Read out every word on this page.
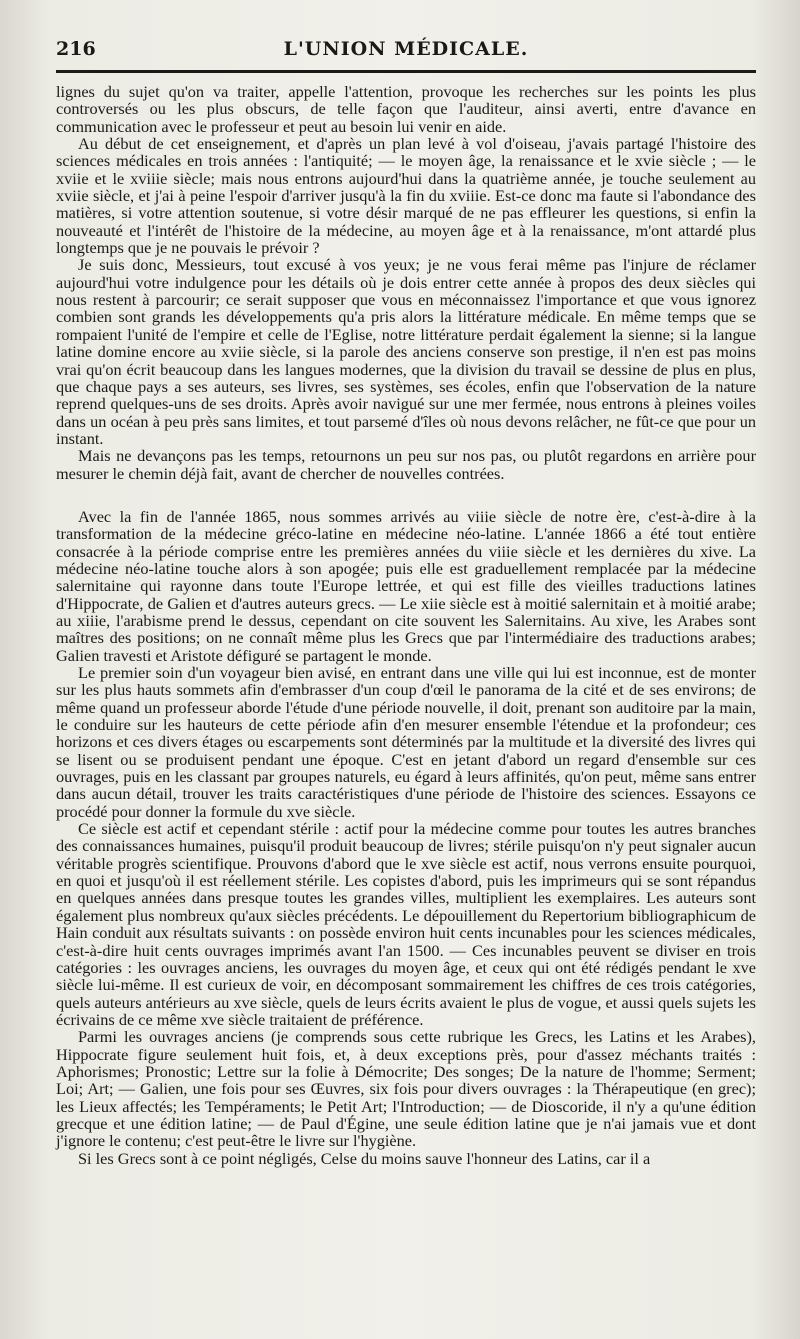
216	L'UNION MÉDICALE.

lignes du sujet qu'on va traiter, appelle l'attention, provoque les recherches sur les points les plus controversés ou les plus obscurs, de telle façon que l'auditeur, ainsi averti, entre d'avance en communication avec le professeur et peut au besoin lui venir en aide.

Au début de cet enseignement, et d'après un plan levé à vol d'oiseau, j'avais partagé l'histoire des sciences médicales en trois années : l'antiquité; — le moyen âge, la renaissance et le xvie siècle ; — le xviie et le xviiie siècle; mais nous entrons aujourd'hui dans la quatrième année, je touche seulement au xviie siècle, et j'ai à peine l'espoir d'arriver jusqu'à la fin du xviiie. Est-ce donc ma faute si l'abondance des matières, si votre attention soutenue, si votre désir marqué de ne pas effleurer les questions, si enfin la nouveauté et l'intérêt de l'histoire de la médecine, au moyen âge et à la renaissance, m'ont attardé plus longtemps que je ne pouvais le prévoir ?

Je suis donc, Messieurs, tout excusé à vos yeux; je ne vous ferai même pas l'injure de réclamer aujourd'hui votre indulgence pour les détails où je dois entrer cette année à propos des deux siècles qui nous restent à parcourir; ce serait supposer que vous en méconnaissez l'importance et que vous ignorez combien sont grands les développements qu'a pris alors la littérature médicale. En même temps que se rompaient l'unité de l'empire et celle de l'Eglise, notre littérature perdait également la sienne; si la langue latine domine encore au xviie siècle, si la parole des anciens conserve son prestige, il n'en est pas moins vrai qu'on écrit beaucoup dans les langues modernes, que la division du travail se dessine de plus en plus, que chaque pays a ses auteurs, ses livres, ses systèmes, ses écoles, enfin que l'observation de la nature reprend quelques-uns de ses droits. Après avoir navigué sur une mer fermée, nous entrons à pleines voiles dans un océan à peu près sans limites, et tout parsemé d'îles où nous devons relâcher, ne fût-ce que pour un instant.

Mais ne devançons pas les temps, retournons un peu sur nos pas, ou plutôt regardons en arrière pour mesurer le chemin déjà fait, avant de chercher de nouvelles contrées.

Avec la fin de l'année 1865, nous sommes arrivés au viiie siècle de notre ère, c'est-à-dire à la transformation de la médecine gréco-latine en médecine néo-latine. L'année 1866 a été tout entière consacrée à la période comprise entre les premières années du viiie siècle et les dernières du xive. La médecine néo-latine touche alors à son apogée; puis elle est graduellement remplacée par la médecine salernitaine qui rayonne dans toute l'Europe lettrée, et qui est fille des vieilles traductions latines d'Hippocrate, de Galien et d'autres auteurs grecs. — Le xiie siècle est à moitié salernitain et à moitié arabe; au xiiie, l'arabisme prend le dessus, cependant on cite souvent les Salernitains. Au xive, les Arabes sont maîtres des positions; on ne connaît même plus les Grecs que par l'intermédiaire des traductions arabes; Galien travesti et Aristote défiguré se partagent le monde.

Le premier soin d'un voyageur bien avisé, en entrant dans une ville qui lui est inconnue, est de monter sur les plus hauts sommets afin d'embrasser d'un coup d'œil le panorama de la cité et de ses environs; de même quand un professeur aborde l'étude d'une période nouvelle, il doit, prenant son auditoire par la main, le conduire sur les hauteurs de cette période afin d'en mesurer ensemble l'étendue et la profondeur; ces horizons et ces divers étages ou escarpements sont déterminés par la multitude et la diversité des livres qui se lisent ou se produisent pendant une époque. C'est en jetant d'abord un regard d'ensemble sur ces ouvrages, puis en les classant par groupes naturels, eu égard à leurs affinités, qu'on peut, même sans entrer dans aucun détail, trouver les traits caractéristiques d'une période de l'histoire des sciences. Essayons ce procédé pour donner la formule du xve siècle.

Ce siècle est actif et cependant stérile : actif pour la médecine comme pour toutes les autres branches des connaissances humaines, puisqu'il produit beaucoup de livres; stérile puisqu'on n'y peut signaler aucun véritable progrès scientifique. Prouvons d'abord que le xve siècle est actif, nous verrons ensuite pourquoi, en quoi et jusqu'où il est réellement stérile. Les copistes d'abord, puis les imprimeurs qui se sont répandus en quelques années dans presque toutes les grandes villes, multiplient les exemplaires. Les auteurs sont également plus nombreux qu'aux siècles précédents. Le dépouillement du Repertorium bibliographicum de Hain conduit aux résultats suivants : on possède environ huit cents incunables pour les sciences médicales, c'est-à-dire huit cents ouvrages imprimés avant l'an 1500. — Ces incunables peuvent se diviser en trois catégories : les ouvrages anciens, les ouvrages du moyen âge, et ceux qui ont été rédigés pendant le xve siècle lui-même. Il est curieux de voir, en décomposant sommairement les chiffres de ces trois catégories, quels auteurs antérieurs au xve siècle, quels de leurs écrits avaient le plus de vogue, et aussi quels sujets les écrivains de ce même xve siècle traitaient de préférence.

Parmi les ouvrages anciens (je comprends sous cette rubrique les Grecs, les Latins et les Arabes), Hippocrate figure seulement huit fois, et, à deux exceptions près, pour d'assez méchants traités : Aphorismes; Pronostic; Lettre sur la folie à Démocrite; Des songes; De la nature de l'homme; Serment; Loi; Art; — Galien, une fois pour ses Œuvres, six fois pour divers ouvrages : la Thérapeutique (en grec); les Lieux affectés; les Tempéraments; le Petit Art; l'Introduction; — de Dioscoride, il n'y a qu'une édition grecque et une édition latine; — de Paul d'Égine, une seule édition latine que je n'ai jamais vue et dont j'ignore le contenu; c'est peut-être le livre sur l'hygiène.

Si les Grecs sont à ce point négligés, Celse du moins sauve l'honneur des Latins, car il a
